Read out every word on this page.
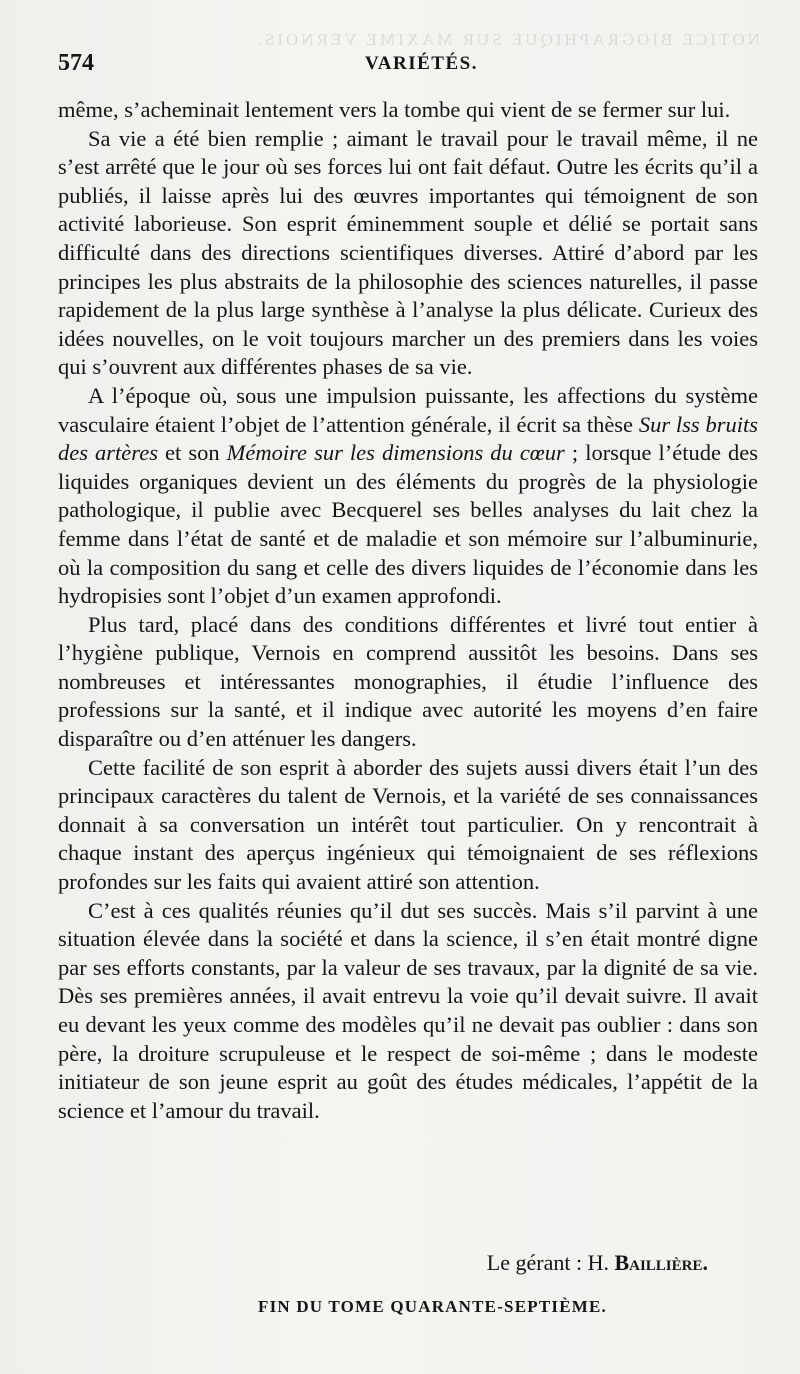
NOTICE BIOGRAPHIQUE SUR MAXIME VERNOIS.
574	VARIÉTÉS.

même, s’acheminait lentement vers la tombe qui vient de se fermer sur lui.

Sa vie a été bien remplie ; aimant le travail pour le travail même, il ne s’est arrêté que le jour où ses forces lui ont fait défaut. Outre les écrits qu’il a publiés, il laisse après lui des œuvres importantes qui témoignent de son activité laborieuse. Son esprit éminemment souple et délié se portait sans difficulté dans des directions scientifiques diverses. Attiré d’abord par les principes les plus abstraits de la philosophie des sciences naturelles, il passe rapidement de la plus large synthèse à l’analyse la plus délicate. Curieux des idées nouvelles, on le voit toujours marcher un des premiers dans les voies qui s’ouvrent aux différentes phases de sa vie.

A l’époque où, sous une impulsion puissante, les affections du système vasculaire étaient l’objet de l’attention générale, il écrit sa thèse Sur lss bruits des artères et son Mémoire sur les dimensions du cœur ; lorsque l’étude des liquides organiques devient un des éléments du progrès de la physiologie pathologique, il publie avec Becquerel ses belles analyses du lait chez la femme dans l’état de santé et de maladie et son mémoire sur l’albuminurie, où la composition du sang et celle des divers liquides de l’économie dans les hydropisies sont l’objet d’un examen approfondi.

Plus tard, placé dans des conditions différentes et livré tout entier à l’hygiène publique, Vernois en comprend aussitôt les besoins. Dans ses nombreuses et intéressantes monographies, il étudie l’influence des professions sur la santé, et il indique avec autorité les moyens d’en faire disparaître ou d’en atténuer les dangers.

Cette facilité de son esprit à aborder des sujets aussi divers était l’un des principaux caractères du talent de Vernois, et la variété de ses connaissances donnait à sa conversation un intérêt tout particulier. On y rencontrait à chaque instant des aperçus ingénieux qui témoignaient de ses réflexions profondes sur les faits qui avaient attiré son attention.

C’est à ces qualités réunies qu’il dut ses succès. Mais s’il parvint à une situation élevée dans la société et dans la science, il s’en était montré digne par ses efforts constants, par la valeur de ses travaux, par la dignité de sa vie. Dès ses premières années, il avait entrevu la voie qu’il devait suivre. Il avait eu devant les yeux comme des modèles qu’il ne devait pas oublier : dans son père, la droiture scrupuleuse et le respect de soi-même ; dans le modeste initiateur de son jeune esprit au goût des études médicales, l’appétit de la science et l’amour du travail.

Le gérant : H. Baillière.
FIN DU TOME QUARANTE-SEPTIÈME.
